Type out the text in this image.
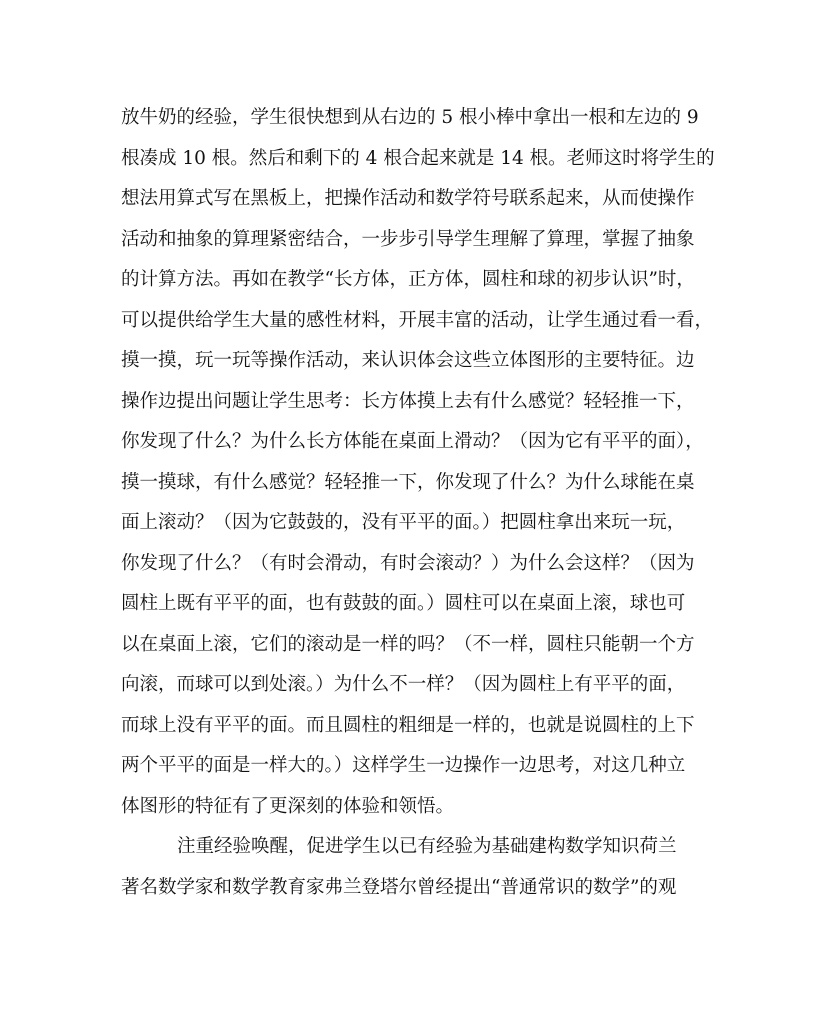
放牛奶的经验，学生很快想到从右边的 5 根小棒中拿出一根和左边的 9
根凑成 10 根。然后和剩下的 4 根合起来就是 14 根。老师这时将学生的
想法用算式写在黑板上，把操作活动和数学符号联系起来，从而使操作
活动和抽象的算理紧密结合，一步步引导学生理解了算理，掌握了抽象
的计算方法。再如在教学“长方体，正方体，圆柱和球的初步认识”时，
可以提供给学生大量的感性材料，开展丰富的活动，让学生通过看一看，
摸一摸，玩一玩等操作活动，来认识体会这些立体图形的主要特征。边
操作边提出问题让学生思考：长方体摸上去有什么感觉？轻轻推一下，
你发现了什么？为什么长方体能在桌面上滑动？（因为它有平平的面），
摸一摸球，有什么感觉？轻轻推一下，你发现了什么？为什么球能在桌
面上滚动？（因为它鼓鼓的，没有平平的面。）把圆柱拿出来玩一玩，
你发现了什么？（有时会滑动，有时会滚动？）为什么会这样？（因为
圆柱上既有平平的面，也有鼓鼓的面。）圆柱可以在桌面上滚，球也可
以在桌面上滚，它们的滚动是一样的吗？（不一样，圆柱只能朝一个方
向滚，而球可以到处滚。）为什么不一样？（因为圆柱上有平平的面，
而球上没有平平的面。而且圆柱的粗细是一样的，也就是说圆柱的上下
两个平平的面是一样大的。）这样学生一边操作一边思考，对这几种立
体图形的特征有了更深刻的体验和领悟。
注重经验唤醒，促进学生以已有经验为基础建构数学知识荷兰
著名数学家和数学教育家弗兰登塔尔曾经提出“普通常识的数学”的观
